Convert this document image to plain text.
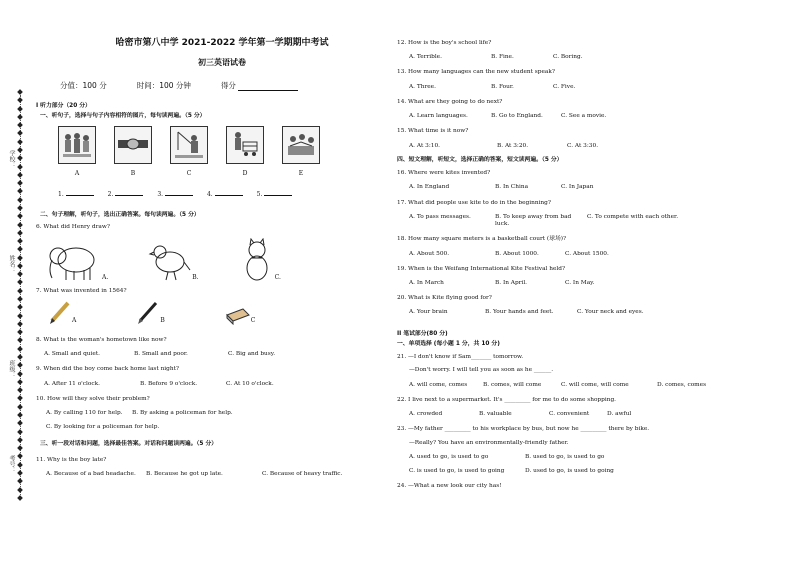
学校：
姓名：
班级：
考号：
哈密市第八中学 2021-2022 学年第一学期期中考试
初三英语试卷
分值：100 分	时间：100 分钟	得分
I 听力部分（20 分）
一、听句子，选择与句子内容相符的图片，每句读两遍。（5 分）
A	B	C	D	E
1.	2.	3.	4.	5.
二、句子理解，听句子，选出正确答案。每句读两遍。（5 分）
6. What did Henry draw?
A.	B.	C.
7. What was invented in 1564?
A	B	C
8. What is the woman's hometown like now?
A. Small and quiet.	B. Small and poor.	C. Big and busy.
9. When did the boy come back home last night?
A. After 11 o'clock.	B. Before 9 o'clock.	C. At 10 o'clock.
10. How will they solve their problem?
A. By calling 110 for help.	B. By asking a policeman for help.
C. By looking for a policeman for help.
三、听一段对话和问题，选择最佳答案。对话和问题读两遍。（5 分）
11. Why is the boy late?
A. Because of a bad headache.	B. Because he got up late.	C. Because of heavy traffic.
12. How is the boy's school life?
A. Terrible.	B. Fine.	C. Boring.
13. How many languages can the new student speak?
A. Three.	B. Four.	C. Five.
14. What are they going to do next?
A. Learn languages.	B. Go to England.	C. See a movie.
15. What time is it now?
A. At 3:10.	B. At 3:20.	C. At 3:30.
四、短文理解，听短文，选择正确的答案，短文读两遍。（5 分）
16. Where were kites invented?
A. In England	B. In China	C. In Japan
17. What did people use kite to do in the beginning?
A. To pass messages.	B. To keep away from bad luck.
C. To compete with each other.
18. How many square meters is a basketball court (球场)?
A. About 500.	B. About 1000.	C. About 1500.
19. When is the Weifang International Kite Festival held?
A. In March	B. In April.	C. In May.
20. What is Kite flying good for?
A. Your brain	B. Your hands and feet.	C. Your neck and eyes.
II 笔试部分(80 分)
一、单项选择 (每小题 1 分，共 10 分)
21. —I don't know if Sam_______ tomorrow.
—Don't worry. I will tell you as soon as he ______.
A. will come, comes	B. comes, will come	C. will come, will come	D. comes, comes
22. I live next to a supermarket. It's _________ for me to do some shopping.
A. crowded	B. valuable	C. convenient	D. awful
23. —My father _________ to his workplace by bus, but now he _________ there by bike.
—Really? You have an environmentally-friendly father.
A. used to go, is used to go	B. used to go, is used to go
C. is used to go, is used to going	D. used to go, is used to going
24. —What a new look our city has!
